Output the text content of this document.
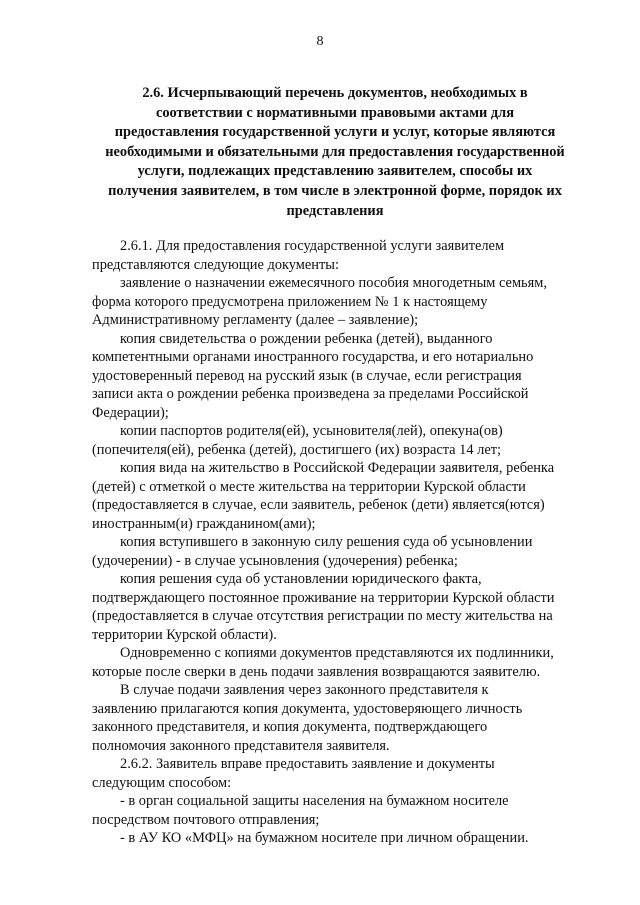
8
2.6. Исчерпывающий перечень документов, необходимых в
соответствии с нормативными правовыми актами для
предоставления государственной услуги и услуг, которые являются
необходимыми и обязательными для предоставления государственной
услуги, подлежащих представлению заявителем, способы их
получения заявителем, в том числе в электронной форме, порядок их
представления

2.6.1. Для предоставления государственной услуги заявителем
представляются следующие документы:

заявление о назначении ежемесячного пособия многодетным семьям,
форма которого предусмотрена приложением № 1 к настоящему
Административному регламенту (далее – заявление);

копия свидетельства о рождении ребенка (детей), выданного
компетентными органами иностранного государства, и его нотариально
удостоверенный перевод на русский язык (в случае, если регистрация
записи акта о рождении ребенка произведена за пределами Российской
Федерации);

копии паспортов родителя(ей), усыновителя(лей), опекуна(ов)
(попечителя(ей), ребенка (детей), достигшего (их) возраста 14 лет;

копия вида на жительство в Российской Федерации заявителя, ребенка
(детей) с отметкой о месте жительства на территории Курской области
(предоставляется в случае, если заявитель, ребенок (дети) является(ются)
иностранным(и) гражданином(ами);

копия вступившего в законную силу решения суда об усыновлении
(удочерении) - в случае усыновления (удочерения) ребенка;

копия решения суда об установлении юридического факта,
подтверждающего постоянное проживание на территории Курской области
(предоставляется в случае отсутствия регистрации по месту жительства на
территории Курской области).

Одновременно с копиями документов представляются их подлинники,
которые после сверки в день подачи заявления возвращаются заявителю.

В случае подачи заявления через законного представителя к
заявлению прилагаются копия документа, удостоверяющего личность
законного представителя, и копия документа, подтверждающего
полномочия законного представителя заявителя.

2.6.2. Заявитель вправе предоставить заявление и документы
следующим способом:

- в орган социальной защиты населения на бумажном носителе
посредством почтового отправления;

- в АУ КО «МФЦ» на бумажном носителе при личном обращении.
